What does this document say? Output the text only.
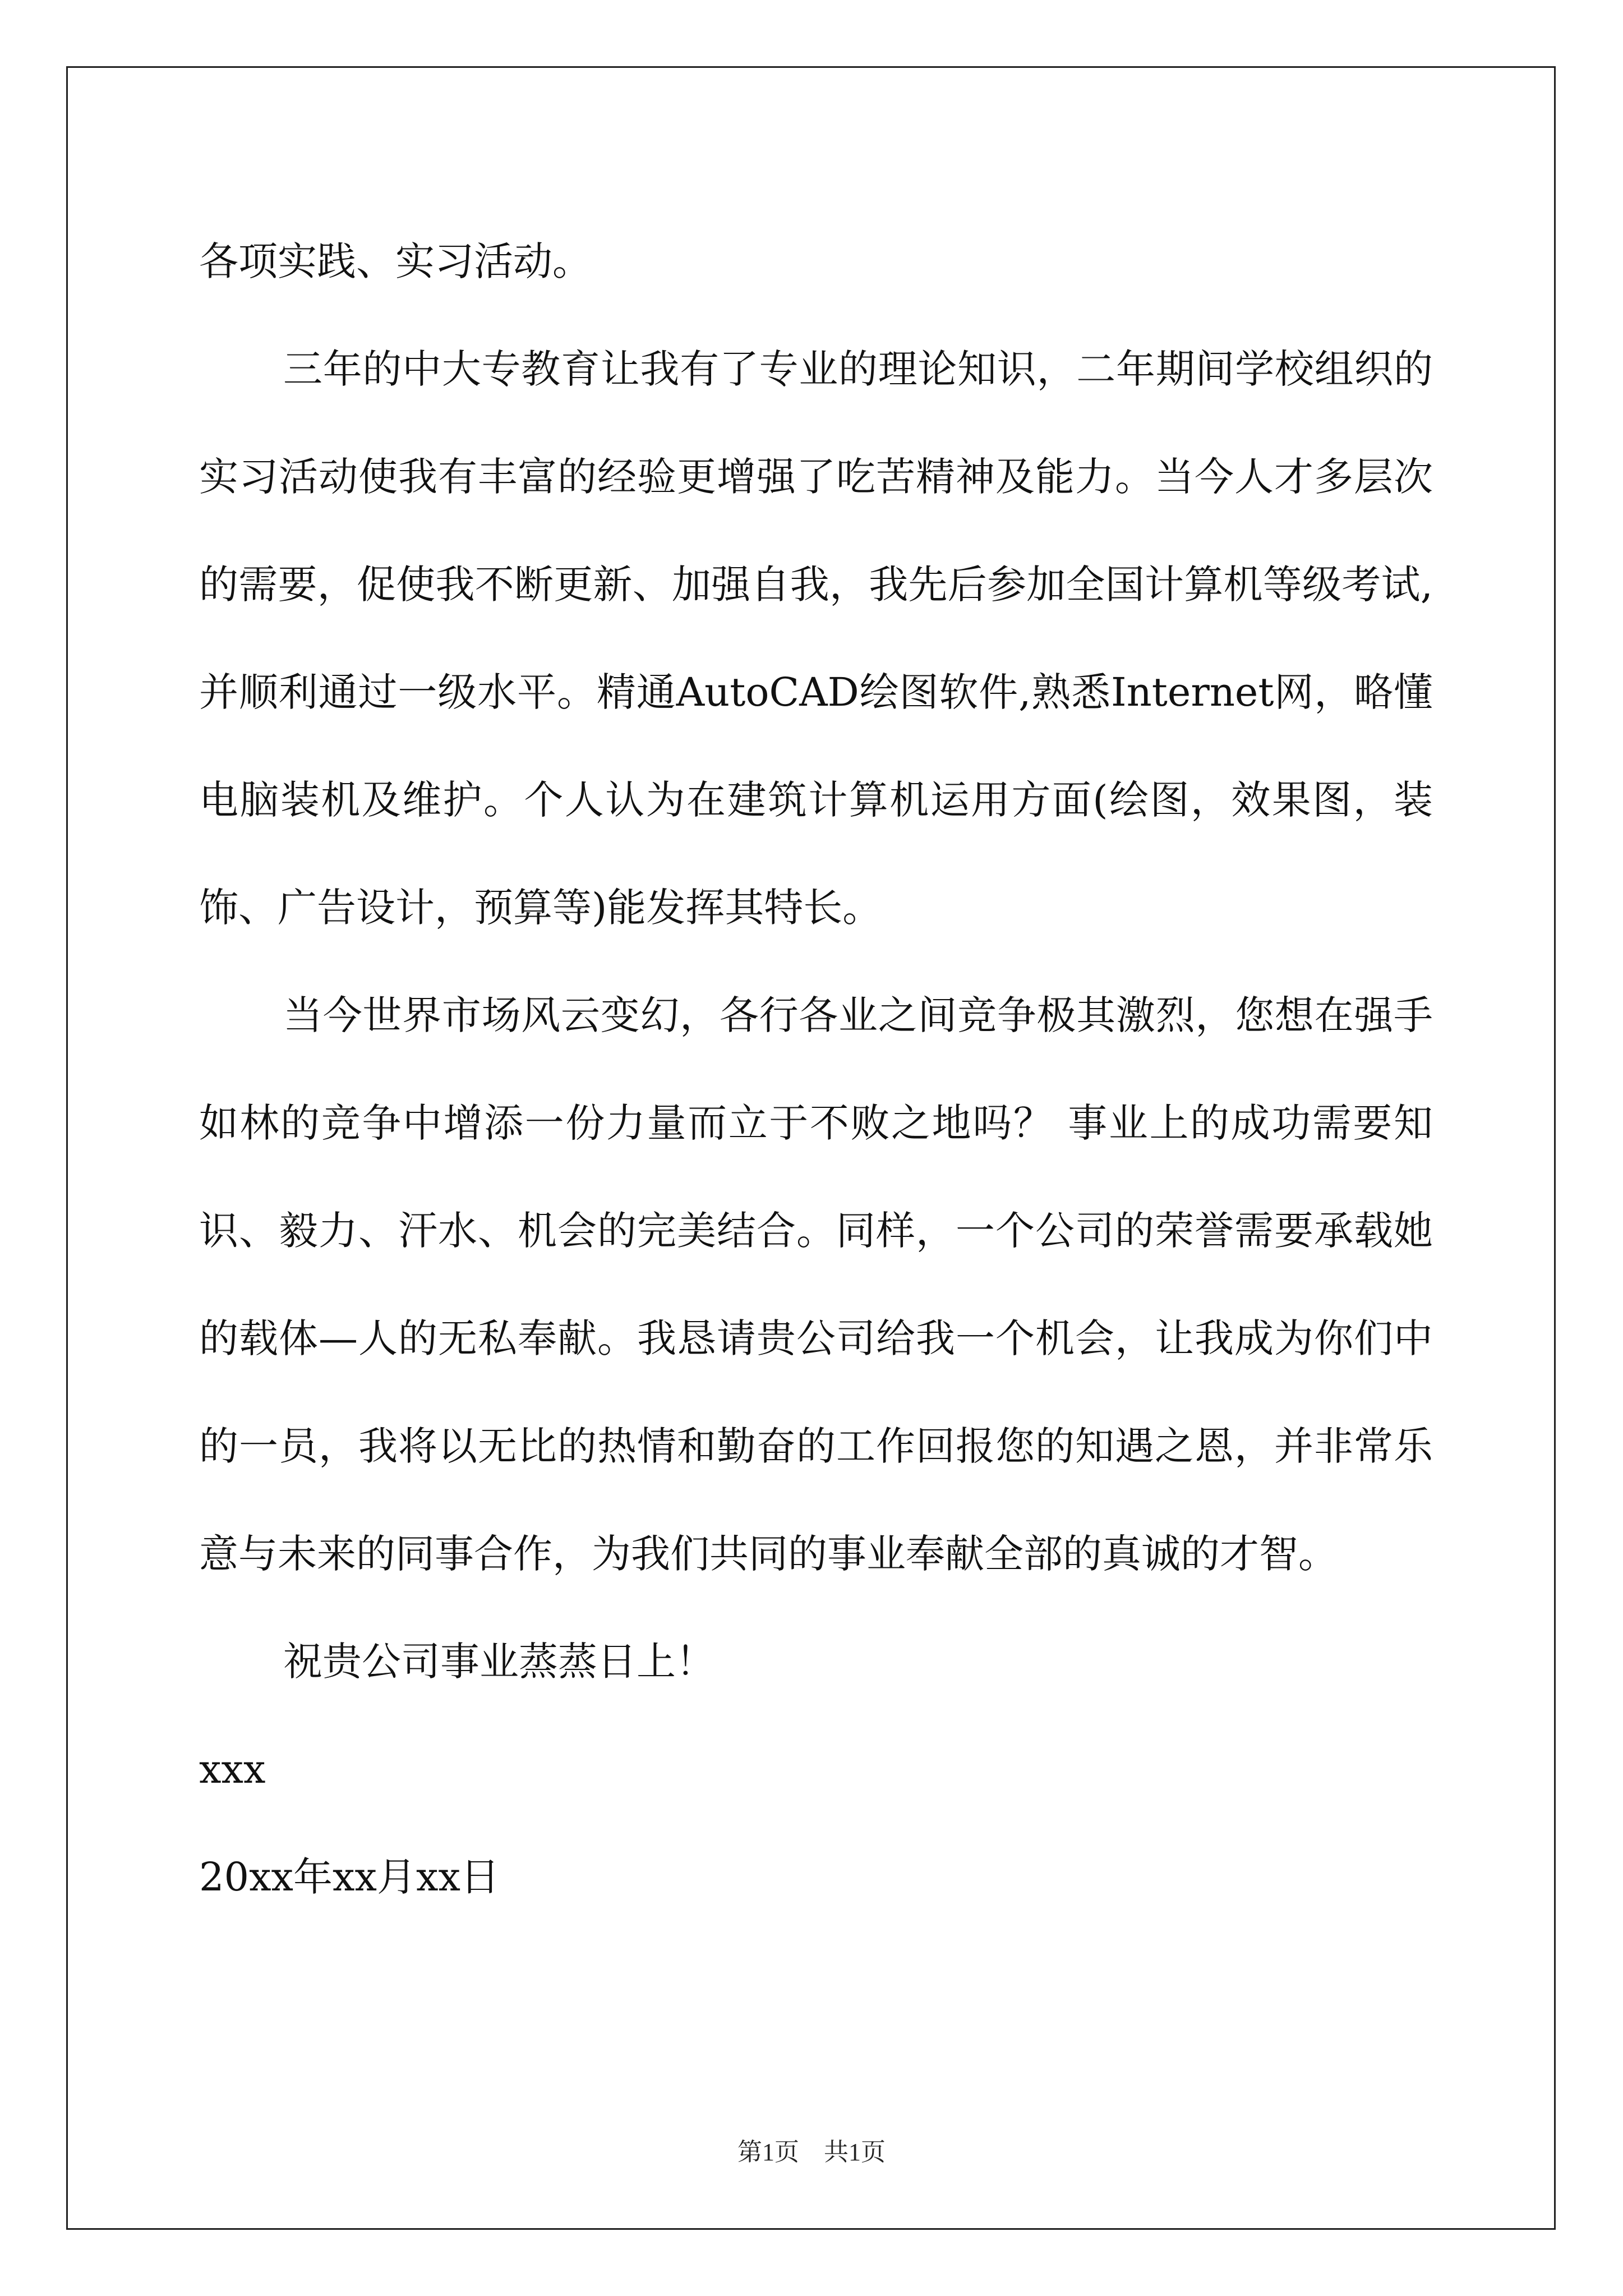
各项实践、实习活动。

三年的中大专教育让我有了专业的理论知识，二年期间学校组织的实习活动使我有丰富的经验更增强了吃苦精神及能力。当今人才多层次的需要，促使我不断更新、加强自我，我先后参加全国计算机等级考试,并顺利通过一级水平。精通AutoCAD绘图软件,熟悉Internet网，略懂电脑装机及维护。个人认为在建筑计算机运用方面(绘图，效果图，装饰、广告设计，预算等)能发挥其特长。

当今世界市场风云变幻，各行各业之间竞争极其激烈，您想在强手如林的竞争中增添一份力量而立于不败之地吗？ 事业上的成功需要知识、毅力、汗水、机会的完美结合。同样，一个公司的荣誉需要承载她的载体—人的无私奉献。我恳请贵公司给我一个机会，让我成为你们中的一员，我将以无比的热情和勤奋的工作回报您的知遇之恩，并非常乐意与未来的同事合作，为我们共同的事业奉献全部的真诚的才智。

祝贵公司事业蒸蒸日上！

xxx

20xx年xx月xx日

第1页　共1页
